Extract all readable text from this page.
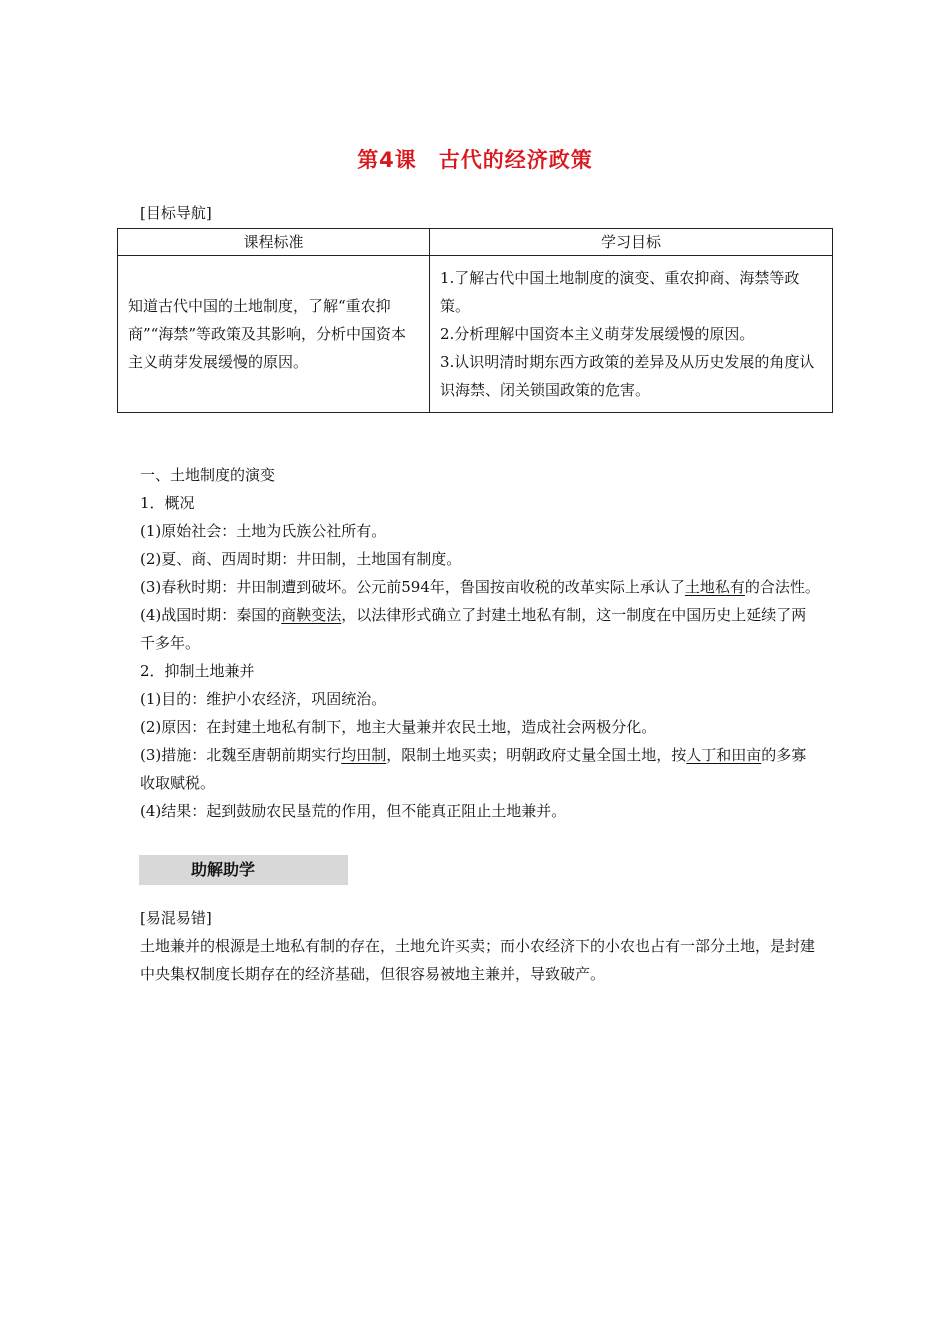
第4课　古代的经济政策
[目标导航]
课程标准	学习目标
知道古代中国的土地制度，了解“重农抑商”“海禁”等政策及其影响，分析中国资本主义萌芽发展缓慢的原因。	1.了解古代中国土地制度的演变、重农抑商、海禁等政策。
2.分析理解中国资本主义萌芽发展缓慢的原因。
3.认识明清时期东西方政策的差异及从历史发展的角度认识海禁、闭关锁国政策的危害。

一、土地制度的演变

1．概况

(1)原始社会：土地为氏族公社所有。

(2)夏、商、西周时期：井田制，土地国有制度。

(3)春秋时期：井田制遭到破坏。公元前594年，鲁国按亩收税的改革实际上承认了土地私有的合法性。

(4)战国时期：秦国的商鞅变法，以法律形式确立了封建土地私有制，这一制度在中国历史上延续了两千多年。

2．抑制土地兼并

(1)目的：维护小农经济，巩固统治。

(2)原因：在封建土地私有制下，地主大量兼并农民土地，造成社会两极分化。

(3)措施：北魏至唐朝前期实行均田制，限制土地买卖；明朝政府丈量全国土地，按人丁和田亩的多寡收取赋税。

(4)结果：起到鼓励农民垦荒的作用，但不能真正阻止土地兼并。

助解助学

[易混易错]

土地兼并的根源是土地私有制的存在，土地允许买卖；而小农经济下的小农也占有一部分土地，是封建中央集权制度长期存在的经济基础，但很容易被地主兼并，导致破产。
